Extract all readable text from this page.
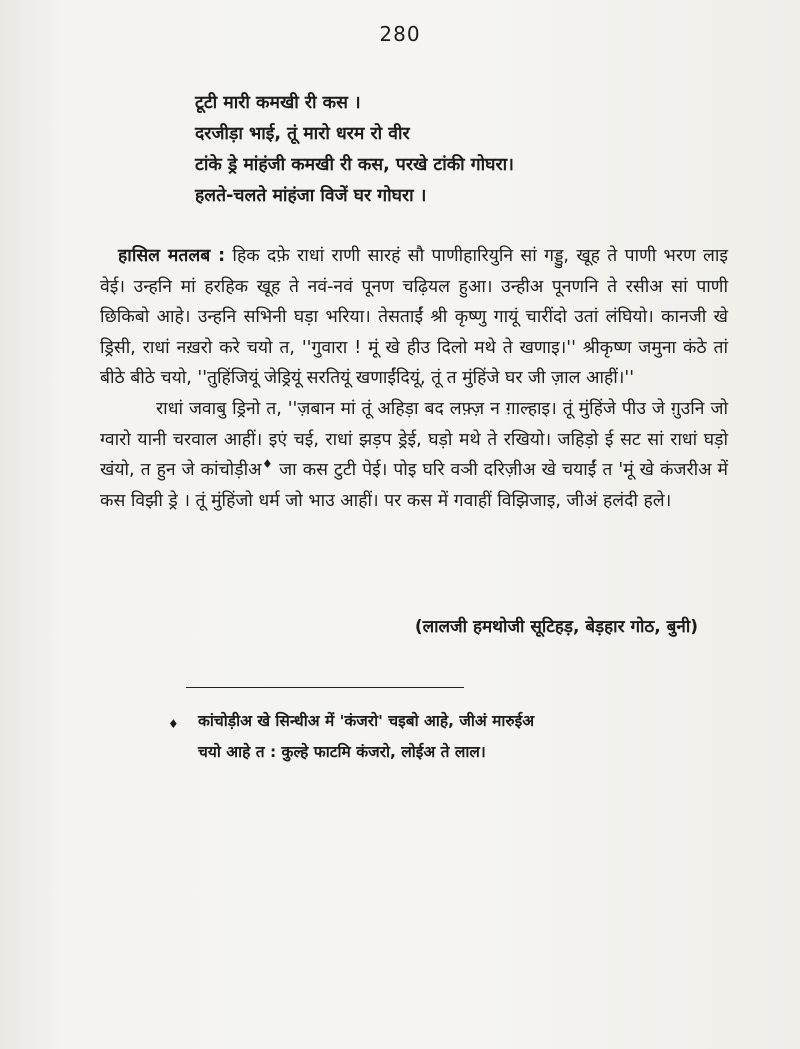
280
टूटी मारी कमखी री कस ।
दरजीड़ा भाई, तूं मारो धरम रो वीर
टांके ड्रे मांहंजी कमखी री कस, परखे टांकी गोघरा।
हलते-चलते मांहंजा विजें घर गोघरा ।

हासिल मतलब : हिक दफ़े राधां राणी सारहं सौ पाणीहारियुनि सां गड्डु, खूह ते पाणी भरण लाइ वेई। उन्हनि मां हरहिक खूह ते नवं-नवं पूनण चढ़ियल हुआ। उन्हीअ पूनणनि ते रसीअ सां पाणी छिकिबो आहे। उन्हनि सभिनी घड़ा भरिया। तेसताईं श्री कृष्णु गायूं चारींदो उतां लंघियो। कानजी खे ड्रिसी, राधां नख़रो करे चयो त, ''गुवारा ! मूं खे हीउ दिलो मथे ते खणाइ।'' श्रीकृष्ण जमुना कंठे तां बीठे बीठे चयो, ''तुहिंजियूं जेड्रियूं सरतियूं खणाईंदियूं, तूं त मुंहिंजे घर जी ज़ाल आहीं।''

राधां जवाबु ड्रिनो त, ''ज़बान मां तूं अहिड़ा बद लफ़्ज़ न ग़ाल्हाइ। तूं मुंहिंजे पीउ जे ग़ुउनि जो ग्वारो यानी चरवाल आहीं। इएं चई, राधां झड़प ड्रेई, घड़ो मथे ते रखियो। जहिड़ो ई सट सां राधां घड़ो खंयो, त हुन जे कांचोड़ीअ♦ जा कस टुटी पेई। पोइ घरि वञी दरिज़ीअ खे चयाईं त 'मूं खे कंजरीअ में कस विझी ड्रे । तूं मुंहिंजो धर्म जो भाउ आहीं। पर कस में गवाहीं विझिजाइ, जीअं हलंदी हले।

(लालजी हमथोजी सूटिहड़, बेड़हार गोठ, बुनी)
♦	कांचोड़ीअ खे सिन्धीअ में 'कंजरो' चइबो आहे, जीअं मारुईअ
चयो आहे त : कुल्हे फाटमि कंजरो, लोईअ ते लाल।
